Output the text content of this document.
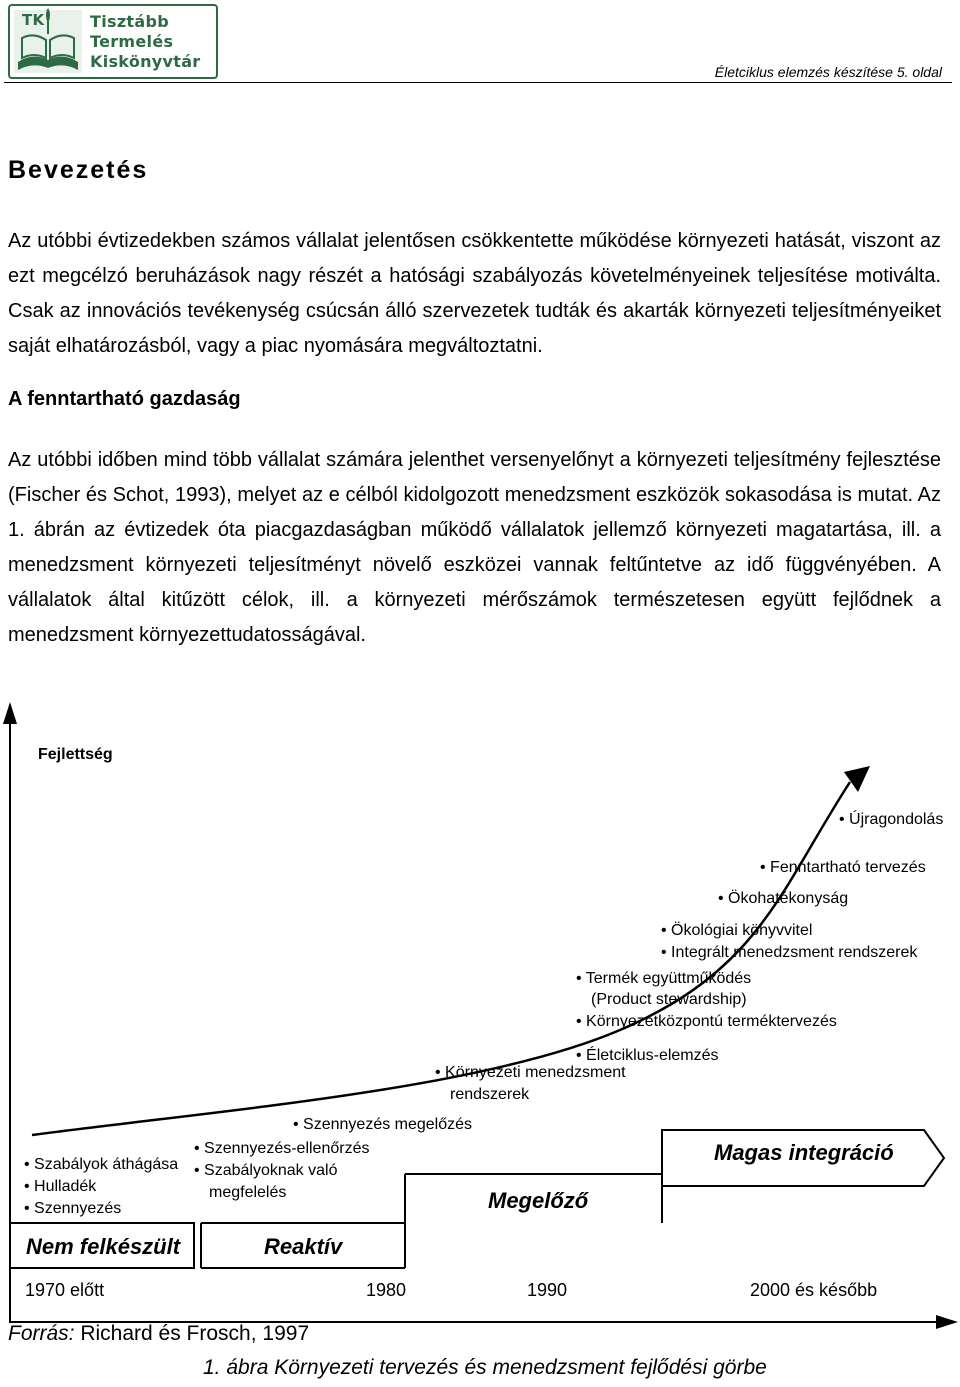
TK	Tisztább
Termelés
Kiskönyvtár
Életciklus elemzés készítése 5. oldal
Bevezetés

Az utóbbi évtizedekben számos vállalat jelentősen csökkentette működése környezeti hatását, viszont az ezt megcélzó beruházások nagy részét a hatósági szabályozás követelményeinek teljesítése motiválta. Csak az innovációs tevékenység csúcsán álló szervezetek tudták és akarták környezeti teljesítményeiket saját elhatározásból, vagy a piac nyomására megváltoztatni.

A fenntartható gazdaság

Az utóbbi időben mind több vállalat számára jelenthet versenyelőnyt a környezeti teljesítmény fejlesztése (Fischer és Schot, 1993), melyet az e célból kidolgozott menedzsment eszközök sokasodása is mutat. Az 1. ábrán az évtizedek óta piacgazdaságban működő vállalatok jellemző környezeti magatartása, ill. a menedzsment környezeti teljesítményt növelő eszközei vannak feltűntetve az idő függvényében. A vállalatok által kitűzött célok, ill. a környezeti mérőszámok természetesen együtt fejlődnek a menedzsment környezettudatosságával.

Fejlettség
• Szabályok áthágása
• Hulladék
• Szennyezés
• Szennyezés-ellenőrzés
• Szabályoknak való
megfelelés
• Szennyezés megelőzés
• Környezeti menedzsment
rendszerek
• Életciklus-elemzés
• Termék együttműködés
(Product stewardship)
• Környezetközpontú terméktervezés
• Ökológiai könyvvitel
• Integrált menedzsment rendszerek
• Ökohatékonyság
• Fenntartható tervezés
• Újragondolás
Nem felkészült	Reaktív
Megelőző
Magas integráció
1970 előtt	1980	1990	2000 és később
Forrás: Richard és Frosch, 1997
1. ábra Környezeti tervezés és menedzsment fejlődési görbe
